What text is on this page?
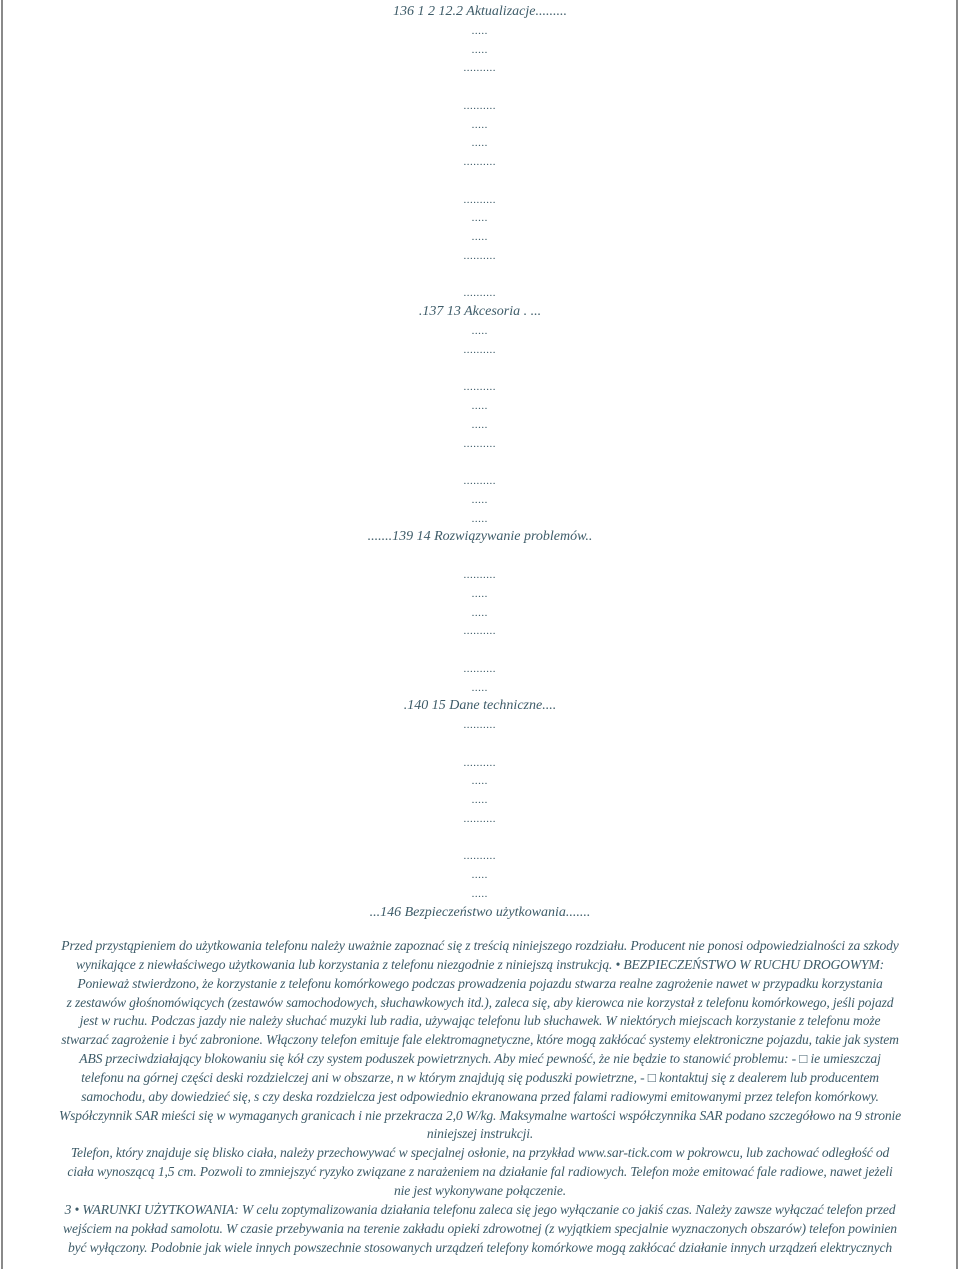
136 1 2 12.2 Aktualizacje.........
.....
.....
..........
..........
.....
.....
..........
..........
.....
.....
..........
..........
.137 13 Akcesoria . ...
.....
..........
..........
.....
.....
..........
..........
.....
.....
.......139 14 Rozwiązywanie problemów..
..........
.....
.....
..........
..........
.....
.140 15 Dane techniczne....
..........
..........
.....
.....
..........
..........
.....
.....
...146 Bezpieczeństwo użytkowania.......
Przed przystąpieniem do użytkowania telefonu należy uważnie zapoznać się z treścią niniejszego rozdziału. Producent nie ponosi odpowiedzialności za szkody
wynikające z niewłaściwego użytkowania lub korzystania z telefonu niezgodnie z niniejszą instrukcją. • BEZPIECZEŃSTWO W RUCHU DROGOWYM:
Ponieważ stwierdzono, że korzystanie z telefonu komórkowego podczas prowadzenia pojazdu stwarza realne zagrożenie nawet w przypadku korzystania
z zestawów głośnomówiących (zestawów samochodowych, słuchawkowych itd.), zaleca się, aby kierowca nie korzystał z telefonu komórkowego, jeśli pojazd
jest w ruchu. Podczas jazdy nie należy słuchać muzyki lub radia, używając telefonu lub słuchawek. W niektórych miejscach korzystanie z telefonu może
stwarzać zagrożenie i być zabronione. Włączony telefon emituje fale elektromagnetyczne, które mogą zakłócać systemy elektroniczne pojazdu, takie jak system
ABS przeciwdziałający blokowaniu się kół czy system poduszek powietrznych. Aby mieć pewność, że nie będzie to stanowić problemu: - □ ie umieszczaj
telefonu na górnej części deski rozdzielczej ani w obszarze, n w którym znajdują się poduszki powietrzne, - □ kontaktuj się z dealerem lub producentem
samochodu, aby dowiedzieć się, s czy deska rozdzielcza jest odpowiednio ekranowana przed falami radiowymi emitowanymi przez telefon komórkowy.
Współczynnik SAR mieści się w wymaganych granicach i nie przekracza 2,0 W/kg. Maksymalne wartości współczynnika SAR podano szczegółowo na 9 stronie
niniejszej instrukcji.
Telefon, który znajduje się blisko ciała, należy przechowywać w specjalnej osłonie, na przykład www.sar-tick.com w pokrowcu, lub zachować odległość od
ciała wynoszącą 1,5 cm. Pozwoli to zmniejszyć ryzyko związane z narażeniem na działanie fal radiowych. Telefon może emitować fale radiowe, nawet jeżeli
nie jest wykonywane połączenie.
3 • WARUNKI UŻYTKOWANIA: W celu zoptymalizowania działania telefonu zaleca się jego wyłączanie co jakiś czas. Należy zawsze wyłączać telefon przed
wejściem na pokład samolotu. W czasie przebywania na terenie zakładu opieki zdrowotnej (z wyjątkiem specjalnie wyznaczonych obszarów) telefon powinien
być wyłączony. Podobnie jak wiele innych powszechnie stosowanych urządzeń telefony komórkowe mogą zakłócać działanie innych urządzeń elektrycznych
